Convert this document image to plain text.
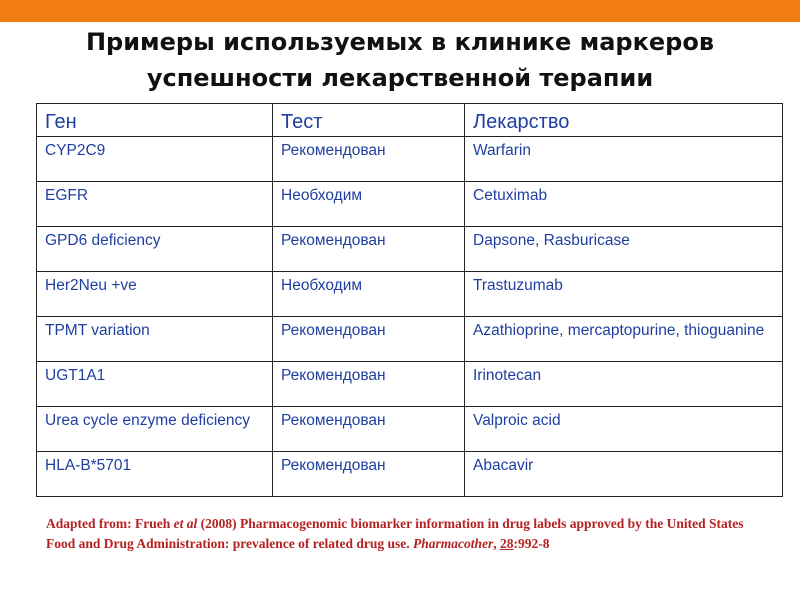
Примеры используемых в клинике маркеров
успешности лекарственной терапии
Ген	Тест	Лекарство
CYP2C9	Рекомендован	Warfarin
EGFR	Необходим	Cetuximab
GPD6 deficiency	Рекомендован	Dapsone, Rasburicase
Her2Neu +ve	Необходим	Trastuzumab
TPMT variation	Рекомендован	Azathioprine, mercaptopurine, thioguanine
UGT1A1	Рекомендован	Irinotecan
Urea cycle enzyme deficiency	Рекомендован	Valproic acid
HLA-B*5701	Рекомендован	Abacavir
Adapted from: Frueh et al (2008) Pharmacogenomic biomarker information in drug labels approved by the United States Food and Drug Administration: prevalence of related drug use. Pharmacother, 28:992-8
